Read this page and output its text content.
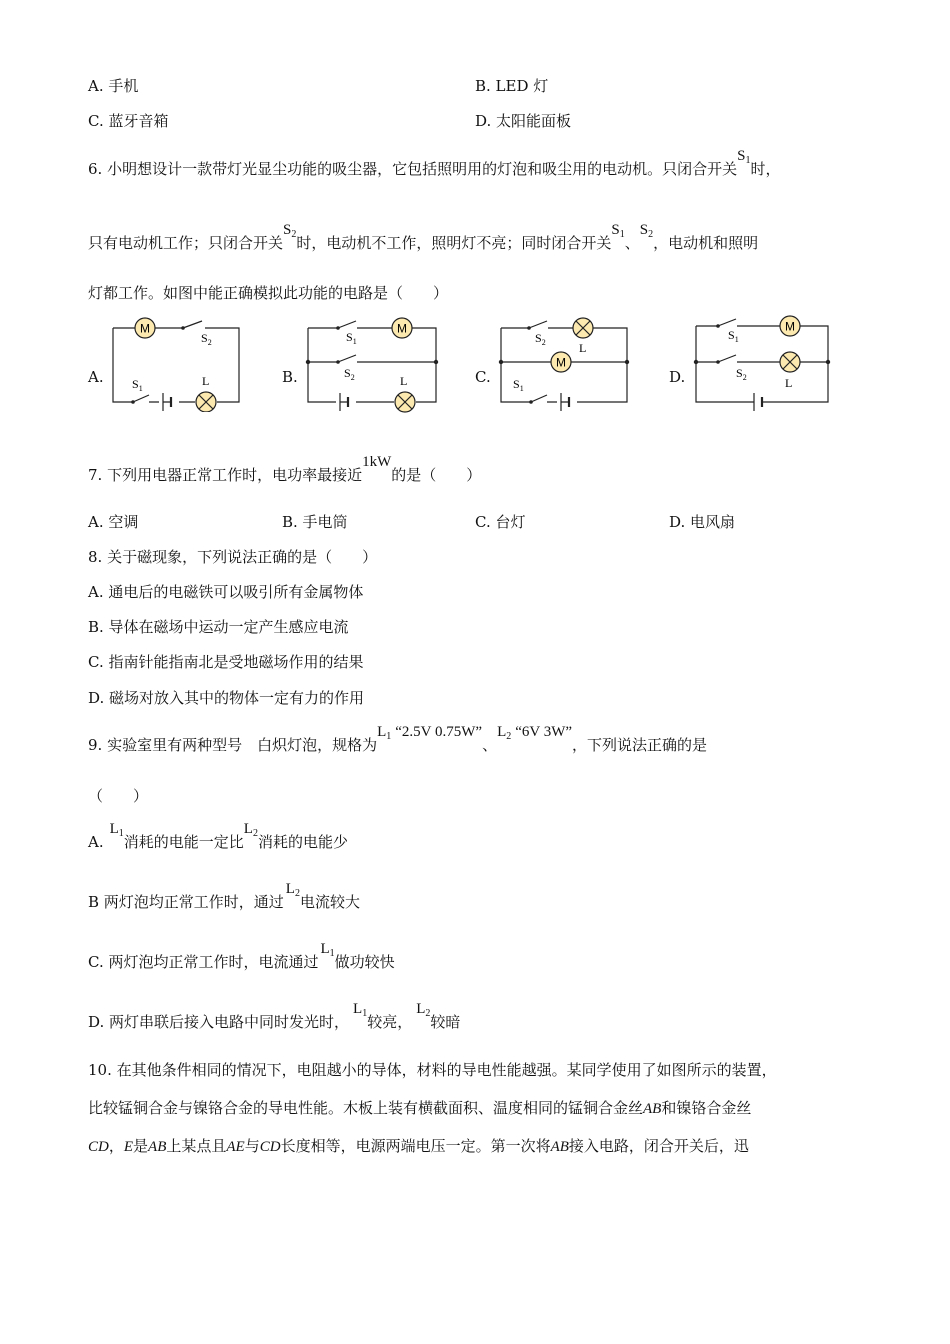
A. 手机	B. LED 灯
C. 蓝牙音箱	D. 太阳能面板
6. 小明想设计一款带灯光显尘功能的吸尘器，它包括照明用的灯泡和吸尘用的电动机。只闭合开关$S_1$时，
只有电动机工作；只闭合开关$S_2$时，电动机不工作，照明灯不亮；同时闭合开关$S_1$、$S_2$，电动机和照明
灯都工作。如图中能正确模拟此功能的电路是（　　）
A.	B.	C.	D.
M
$S_2$
$S_1$
L
M
$S_1$
$S_2$	L
M
$S_2$
$S_1$
L
M
$S_1$
$S_2$	L
7. 下列用电器正常工作时，电功率最接近1kW的是（　　）
A. 空调	B. 手电筒	C. 台灯	D. 电风扇
8. 关于磁现象，下列说法正确的是（　　）
A. 通电后的电磁铁可以吸引所有金属物体
B. 导体在磁场中运动一定产生感应电流
C. 指南针能指南北是受地磁场作用的结果
D. 磁场对放入其中的物体一定有力的作用
9. 实验室里有两种型号　白炽灯泡，规格为$L_1$ “2.5V 0.75W”、$L_2$ “6V 3W”，下列说法正确的是
（　　）
$A.L_1$消耗的电能一定比$L_2$消耗的电能少
B 两灯泡均正常工作时，通过$L_2$电流较大
C. 两灯泡均正常工作时，电流通过$L_1$做功较快
D. 两灯串联后接入电路中同时发光时，$L_1$较亮，$L_2$较暗
10. 在其他条件相同的情况下，电阻越小的导体，材料的导电性能越强。某同学使用了如图所示的装置，
比较锰铜合金与镍铬合金的导电性能。木板上装有横截面积、温度相同的锰铜合金丝AB和镍铬合金丝
CD，E是AB上某点且AE与CD长度相等，电源两端电压一定。第一次将AB接入电路，闭合开关后，迅
